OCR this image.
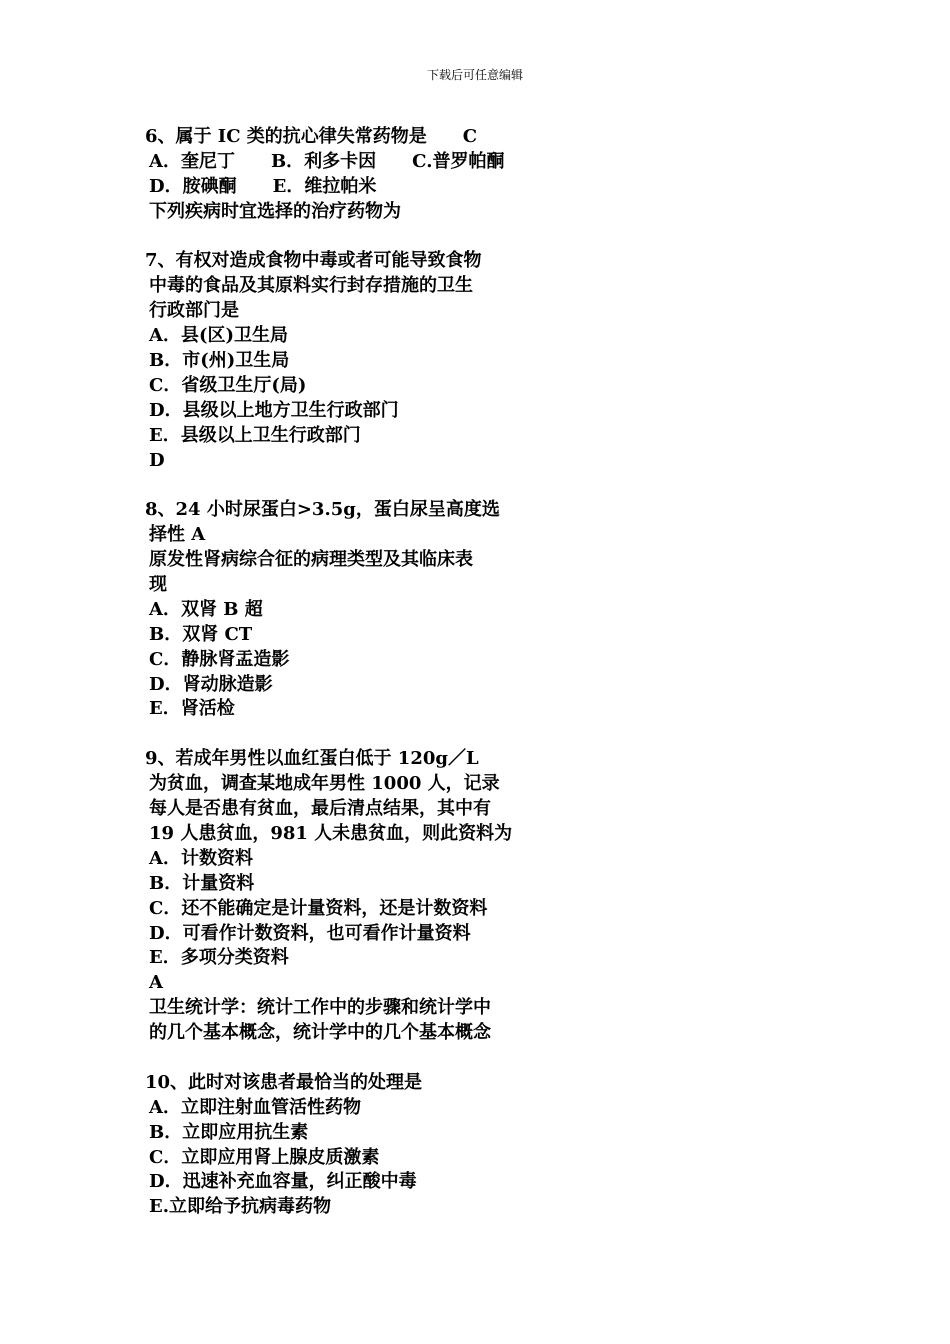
下载后可任意编辑
6、属于 IC 类的抗心律失常药物是　　C
A．奎尼丁　　B．利多卡因　　C.普罗帕酮
D．胺碘酮　　E．维拉帕米
下列疾病时宜选择的治疗药物为
7、有权对造成食物中毒或者可能导致食物
中毒的食品及其原料实行封存措施的卫生
行政部门是
A．县(区)卫生局
B．市(州)卫生局
C．省级卫生厅(局)
D．县级以上地方卫生行政部门
E．县级以上卫生行政部门
D
8、24 小时尿蛋白>3.5g，蛋白尿呈高度选
择性 A
原发性肾病综合征的病理类型及其临床表
现
A．双肾 B 超
B．双肾 CT
C．静脉肾盂造影
D．肾动脉造影
E．肾活检
9、若成年男性以血红蛋白低于 120g／L
为贫血，调查某地成年男性 1000 人，记录
每人是否患有贫血，最后清点结果，其中有
19 人患贫血，981 人未患贫血，则此资料为
A．计数资料
B．计量资料
C．还不能确定是计量资料，还是计数资料
D．可看作计数资料，也可看作计量资料
E．多项分类资料
A
卫生统计学：统计工作中的步骤和统计学中
的几个基本概念，统计学中的几个基本概念
10、此时对该患者最恰当的处理是
A．立即注射血管活性药物
B．立即应用抗生素
C．立即应用肾上腺皮质激素
D．迅速补充血容量，纠正酸中毒
E.立即给予抗病毒药物
